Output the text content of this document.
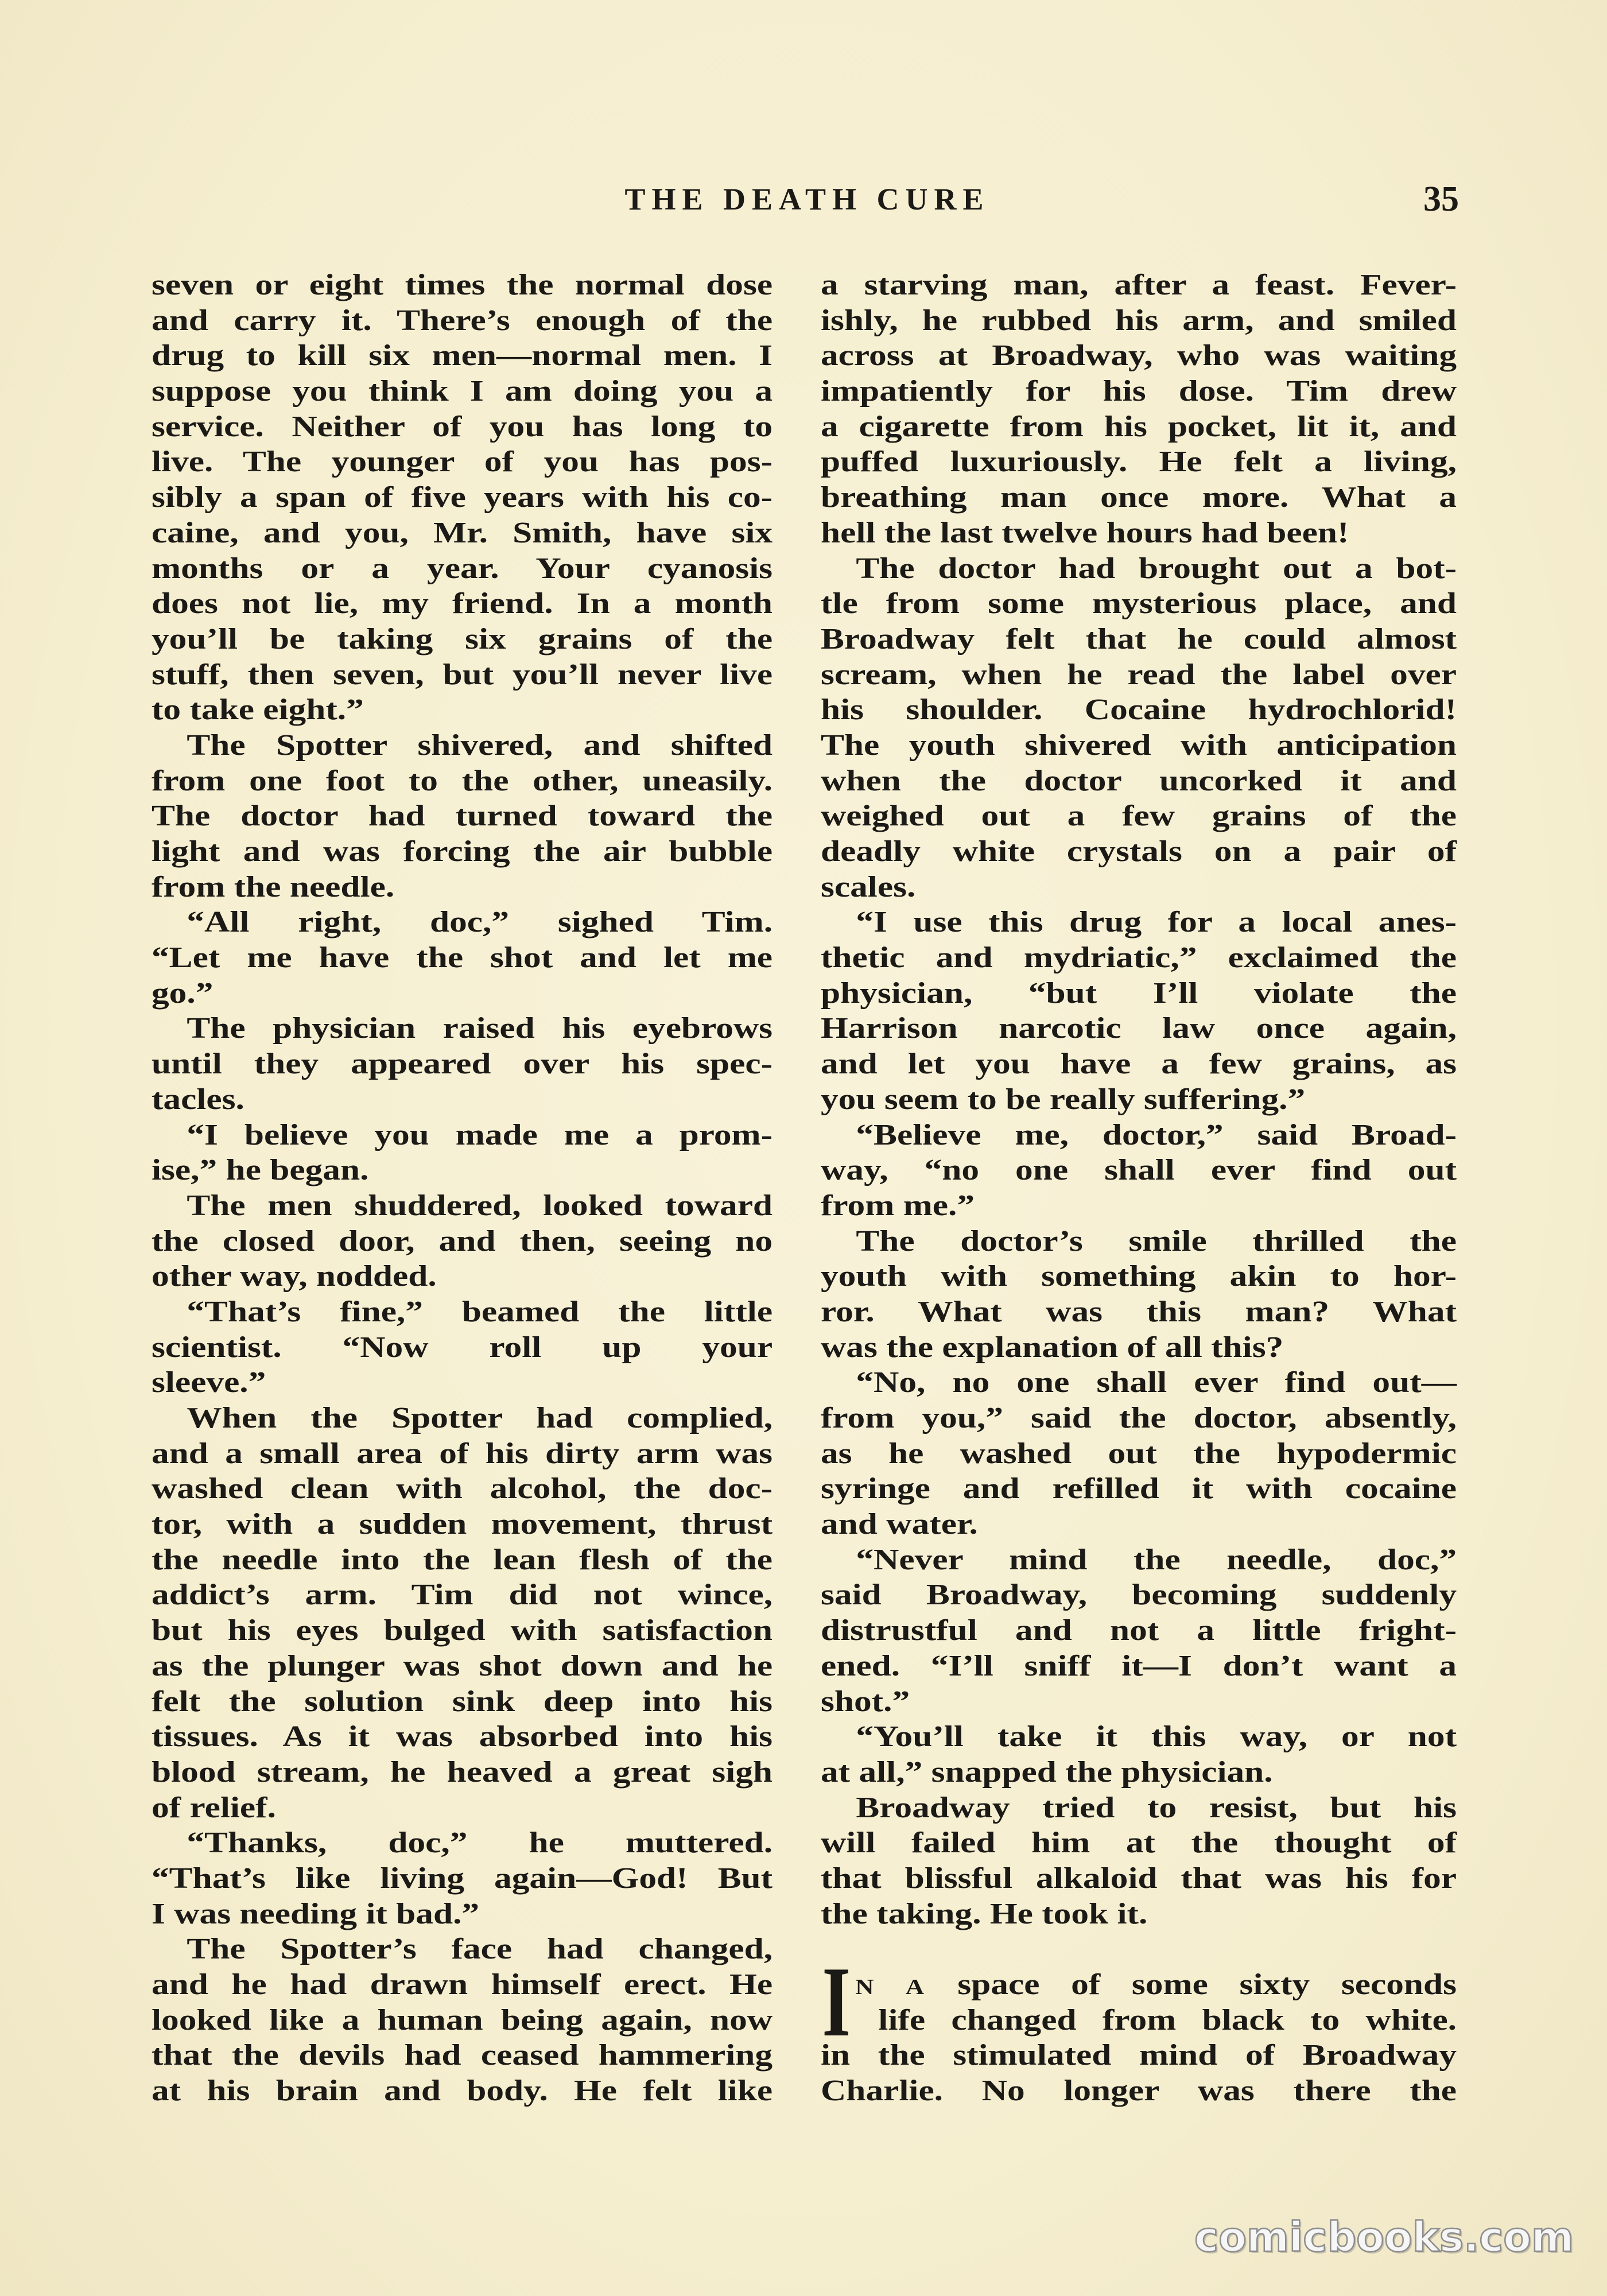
THE DEATH CURE	35
seven or eight times the normal dose
and carry it. There’s enough of the
drug to kill six men—normal men. I
suppose you think I am doing you a
service. Neither of you has long to
live. The younger of you has pos-
sibly a span of five years with his co-
caine, and you, Mr. Smith, have six
months or a year. Your cyanosis
does not lie, my friend. In a month
you’ll be taking six grains of the
stuff, then seven, but you’ll never live
to take eight.”
The Spotter shivered, and shifted
from one foot to the other, uneasily.
The doctor had turned toward the
light and was forcing the air bubble
from the needle.
“All right, doc,” sighed Tim.
“Let me have the shot and let me
go.”
The physician raised his eyebrows
until they appeared over his spec-
tacles.
“I believe you made me a prom-
ise,” he began.
The men shuddered, looked toward
the closed door, and then, seeing no
other way, nodded.
“That’s fine,” beamed the little
scientist. “Now roll up your
sleeve.”
When the Spotter had complied,
and a small area of his dirty arm was
washed clean with alcohol, the doc-
tor, with a sudden movement, thrust
the needle into the lean flesh of the
addict’s arm. Tim did not wince,
but his eyes bulged with satisfaction
as the plunger was shot down and he
felt the solution sink deep into his
tissues. As it was absorbed into his
blood stream, he heaved a great sigh
of relief.
“Thanks, doc,” he muttered.
“That’s like living again—God! But
I was needing it bad.”
The Spotter’s face had changed,
and he had drawn himself erect. He
looked like a human being again, now
that the devils had ceased hammering
at his brain and body. He felt like
a starving man, after a feast. Fever-
ishly, he rubbed his arm, and smiled
across at Broadway, who was waiting
impatiently for his dose. Tim drew
a cigarette from his pocket, lit it, and
puffed luxuriously. He felt a living,
breathing man once more. What a
hell the last twelve hours had been!
The doctor had brought out a bot-
tle from some mysterious place, and
Broadway felt that he could almost
scream, when he read the label over
his shoulder. Cocaine hydrochlorid!
The youth shivered with anticipation
when the doctor uncorked it and
weighed out a few grains of the
deadly white crystals on a pair of
scales.
“I use this drug for a local anes-
thetic and mydriatic,” exclaimed the
physician, “but I’ll violate the
Harrison narcotic law once again,
and let you have a few grains, as
you seem to be really suffering.”
“Believe me, doctor,” said Broad-
way, “no one shall ever find out
from me.”
The doctor’s smile thrilled the
youth with something akin to hor-
ror. What was this man? What
was the explanation of all this?
“No, no one shall ever find out—
from you,” said the doctor, absently,
as he washed out the hypodermic
syringe and refilled it with cocaine
and water.
“Never mind the needle, doc,”
said Broadway, becoming suddenly
distrustful and not a little fright-
ened. “I’ll sniff it—I don’t want a
shot.”
“You’ll take it this way, or not
at all,” snapped the physician.
Broadway tried to resist, but his
will failed him at the thought of
that blissful alkaloid that was his for
the taking. He took it.
I N A space of some sixty seconds
life changed from black to white.
in the stimulated mind of Broadway
Charlie. No longer was there the
comicbooks.com
